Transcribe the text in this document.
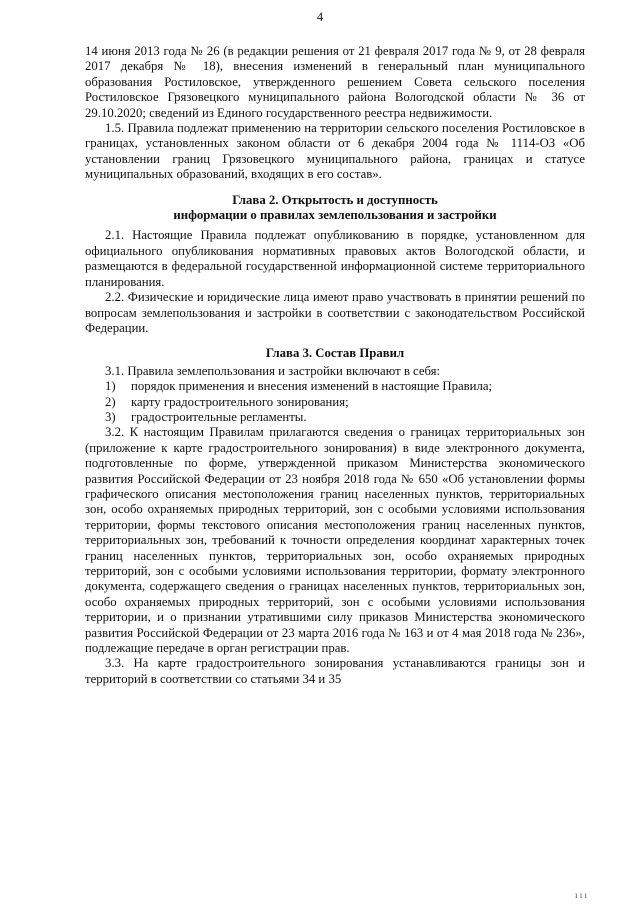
4

14 июня 2013 года № 26 (в редакции решения от 21 февраля 2017 года № 9, от 28 февраля 2017 декабря № 18), внесения изменений в генеральный план муниципального образования Ростиловское, утвержденного решением Совета сельского поселения Ростиловское Грязовецкого муниципального района Вологодской области № 36 от 29.10.2020; сведений из Единого государственного реестра недвижимости.

1.5. Правила подлежат применению на территории сельского поселения Ростиловское в границах, установленных законом области от 6 декабря 2004 года № 1114-ОЗ «Об установлении границ Грязовецкого муниципального района, границах и статусе муниципальных образований, входящих в его состав».

Глава 2. Открытость и доступность

информации о правилах землепользования и застройки

2.1. Настоящие Правила подлежат опубликованию в порядке, установленном для официального опубликования нормативных правовых актов Вологодской области, и размещаются в федеральной государственной информационной системе территориального планирования.

2.2. Физические и юридические лица имеют право участвовать в принятии решений по вопросам землепользования и застройки в соответствии с законодательством Российской Федерации.

Глава 3. Состав Правил

3.1. Правила землепользования и застройки включают в себя:

1)	порядок применения и внесения изменений в настоящие Правила;
2)	карту градостроительного зонирования;
3)	градостроительные регламенты.

3.2. К настоящим Правилам прилагаются сведения о границах территориальных зон (приложение к карте градостроительного зонирования) в виде электронного документа, подготовленные по форме, утвержденной приказом Министерства экономического развития Российской Федерации от 23 ноября 2018 года № 650 «Об установлении формы графического описания местоположения границ населенных пунктов, территориальных зон, особо охраняемых природных территорий, зон с особыми условиями использования территории, формы текстового описания местоположения границ населенных пунктов, территориальных зон, требований к точности определения координат характерных точек границ населенных пунктов, территориальных зон, особо охраняемых природных территорий, зон с особыми условиями использования территории, формату электронного документа, содержащего сведения о границах населенных пунктов, территориальных зон, особо охраняемых природных территорий, зон с особыми условиями использования территории, и о признании утратившими силу приказов Министерства экономического развития Российской Федерации от 23 марта 2016 года № 163 и от 4 мая 2018 года № 236», подлежащие передаче в орган регистрации прав.

3.3. На карте градостроительного зонирования устанавливаются границы зон и территорий в соответствии со статьями 34 и 35

ı ı ı
